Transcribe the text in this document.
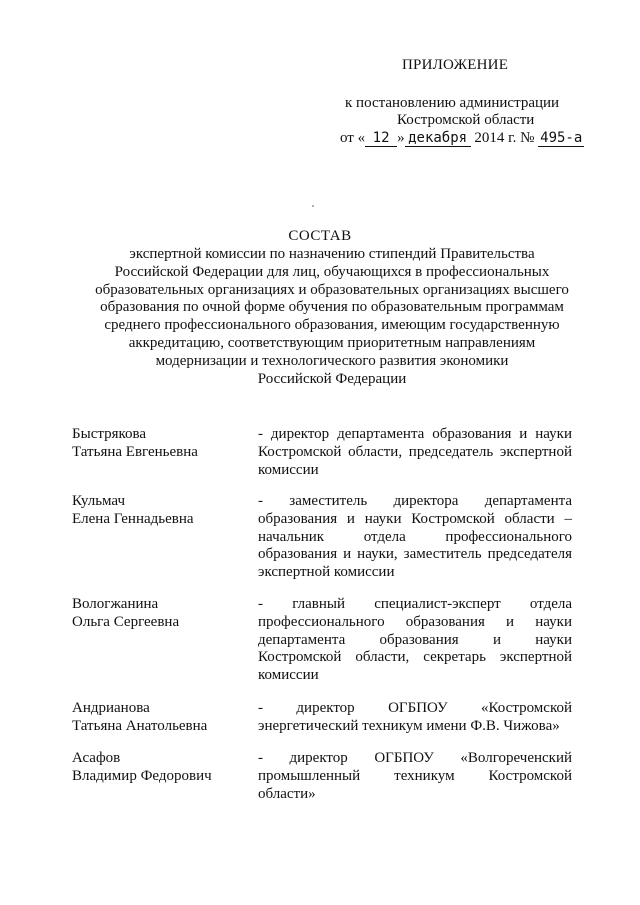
ПРИЛОЖЕНИЕ
к постановлению администрации
Костромской области
от « 12 » декабря 2014 г. № 495-а
СОСТАВ
экспертной комиссии по назначению стипендий Правительства
Российской Федерации для лиц, обучающихся в профессиональных
образовательных организациях и образовательных организациях высшего
образования по очной форме обучения по образовательным программам
среднего профессионального образования, имеющим государственную
аккредитацию, соответствующим приоритетным направлениям
модернизации и технологического развития экономики
Российской Федерации
Быстрякова
Татьяна Евгеньевна
- директор департамента образования и науки
Костромской области, председатель экспертной
комиссии
Кульмач
Елена Геннадьевна
- заместитель директора департамента
образования и науки Костромской области –
начальник отдела профессионального
образования и науки, заместитель председателя
экспертной комиссии
Вологжанина
Ольга Сергеевна
- главный специалист-эксперт отдела
профессионального образования и науки
департамента образования и науки
Костромской области, секретарь экспертной
комиссии
Андрианова
Татьяна Анатольевна
- директор ОГБПОУ «Костромской
энергетический техникум имени Ф.В. Чижова»
Асафов
Владимир Федорович
- директор ОГБПОУ «Волгореченский
промышленный техникум Костромской
области»
